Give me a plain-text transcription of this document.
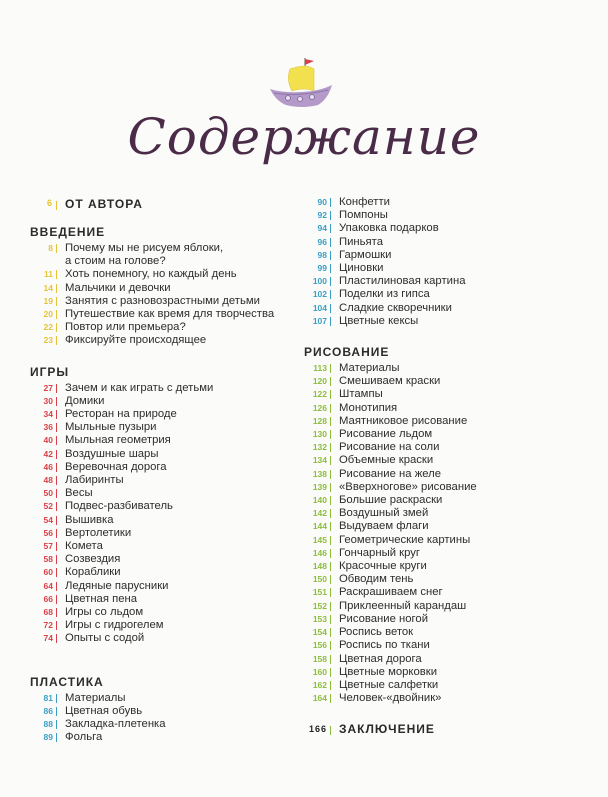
Содержание
6 ОТ АВТОРА
ВВЕДЕНИЕ
8 Почему мы не рисуем яблоки,
а стоим на голове?
11 Хоть понемногу, но каждый день
14 Мальчики и девочки
19 Занятия с разновозрастными детьми
20 Путешествие как время для творчества
22 Повтор или премьера?
23 Фиксируйте происходящее
ИГРЫ
27 Зачем и как играть с детьми
30 Домики
34 Ресторан на природе
36 Мыльные пузыри
40 Мыльная геометрия
42 Воздушные шары
46 Веревочная дорога
48 Лабиринты
50 Весы
52 Подвес-разбиватель
54 Вышивка
56 Вертолетики
57 Комета
58 Созвездия
60 Кораблики
64 Ледяные парусники
66 Цветная пена
68 Игры со льдом
72 Игры с гидрогелем
74 Опыты с содой
ПЛАСТИКА
81 Материалы
86 Цветная обувь
88 Закладка-плетенка
89 Фольга
90 Конфетти
92 Помпоны
94 Упаковка подарков
96 Пиньята
98 Гармошки
99 Циновки
100 Пластилиновая картина
102 Поделки из гипса
104 Сладкие скворечники
107 Цветные кексы
РИСОВАНИЕ
113 Материалы
120 Смешиваем краски
122 Штампы
126 Монотипия
128 Маятниковое рисование
130 Рисование льдом
132 Рисование на соли
134 Объемные краски
138 Рисование на желе
139 «Вверхногове» рисование
140 Большие раскраски
142 Воздушный змей
144 Выдуваем флаги
145 Геометрические картины
146 Гончарный круг
148 Красочные круги
150 Обводим тень
151 Раскрашиваем снег
152 Приклеенный карандаш
153 Рисование ногой
154 Роспись веток
156 Роспись по ткани
158 Цветная дорога
160 Цветные морковки
162 Цветные салфетки
164 Человек-«двойник»
166 ЗАКЛЮЧЕНИЕ
